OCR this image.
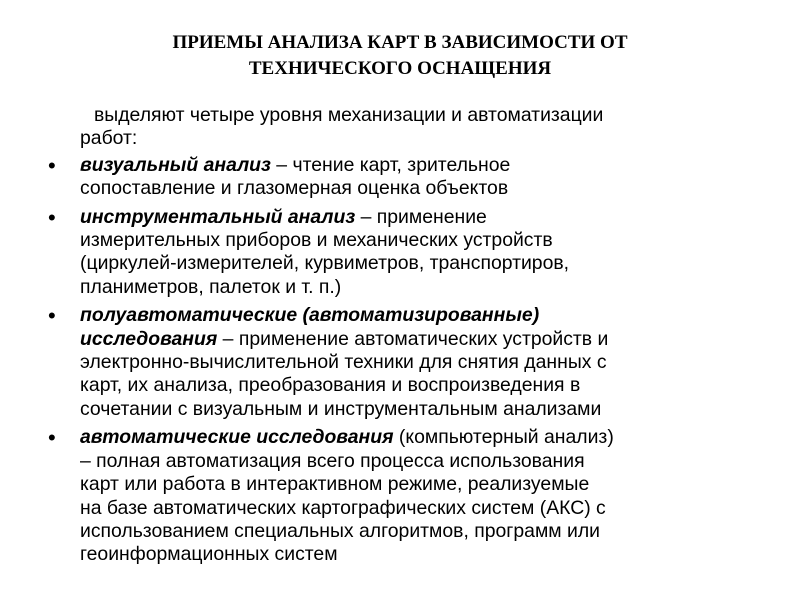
ПРИЕМЫ АНАЛИЗА КАРТ В ЗАВИСИМОСТИ ОТ
ТЕХНИЧЕСКОГО ОСНАЩЕНИЯ
выделяют четыре уровня механизации и автоматизации
работ:
• визуальный анализ – чтение карт, зрительное
сопоставление и глазомерная оценка объектов
• инструментальный анализ – применение
измерительных приборов и механических устройств
(циркулей-измерителей, курвиметров, транспортиров,
планиметров, палеток и т. п.)
• полуавтоматические (автоматизированные)
исследования – применение автоматических устройств и
электронно-вычислительной техники для снятия данных с
карт, их анализа, преобразования и воспроизведения в
сочетании с визуальным и инструментальным анализами
• автоматические исследования (компьютерный анализ)
– полная автоматизация всего процесса использования
карт или работа в интерактивном режиме, реализуемые
на базе автоматических картографических систем (АКС) с
использованием специальных алгоритмов, программ или
геоинформационных систем
